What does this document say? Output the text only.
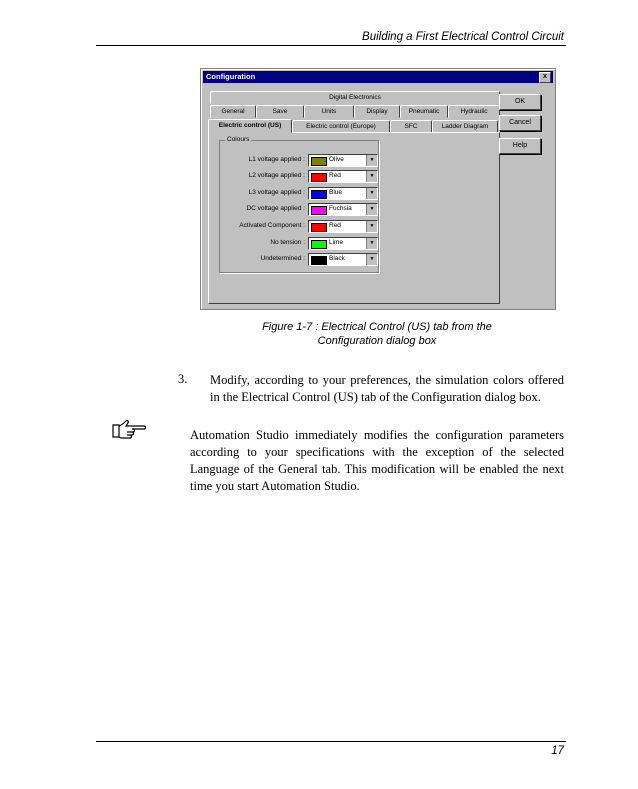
Building a First Electrical Control Circuit
Configuration	x
Digital Electronics
General	Save	Units	Display	Pneumatic	Hydraulic
Electric control (US)	Electric control (Europe)	SFC	Ladder Diagram
Colours
L1 voltage applied :	Olive	▼
L2 voltage applied :	Red	▼
L3 voltage applied :	Blue	▼
DC voltage applied :	Fuchsia	▼
Activated Component :	Red	▼
No tension :	Lime	▼
Undetermined :	Black	▼
OK
Cancel
Help
Figure 1-7 : Electrical Control (US) tab from the
Configuration dialog box
3. Modify, according to your preferences, the simulation colors offered in the Electrical Control (US) tab of the Configuration dialog box.
Automation Studio immediately modifies the configuration parameters according to your specifications with the exception of the selected Language of the General tab. This modification will be enabled the next time you start Automation Studio.
17
